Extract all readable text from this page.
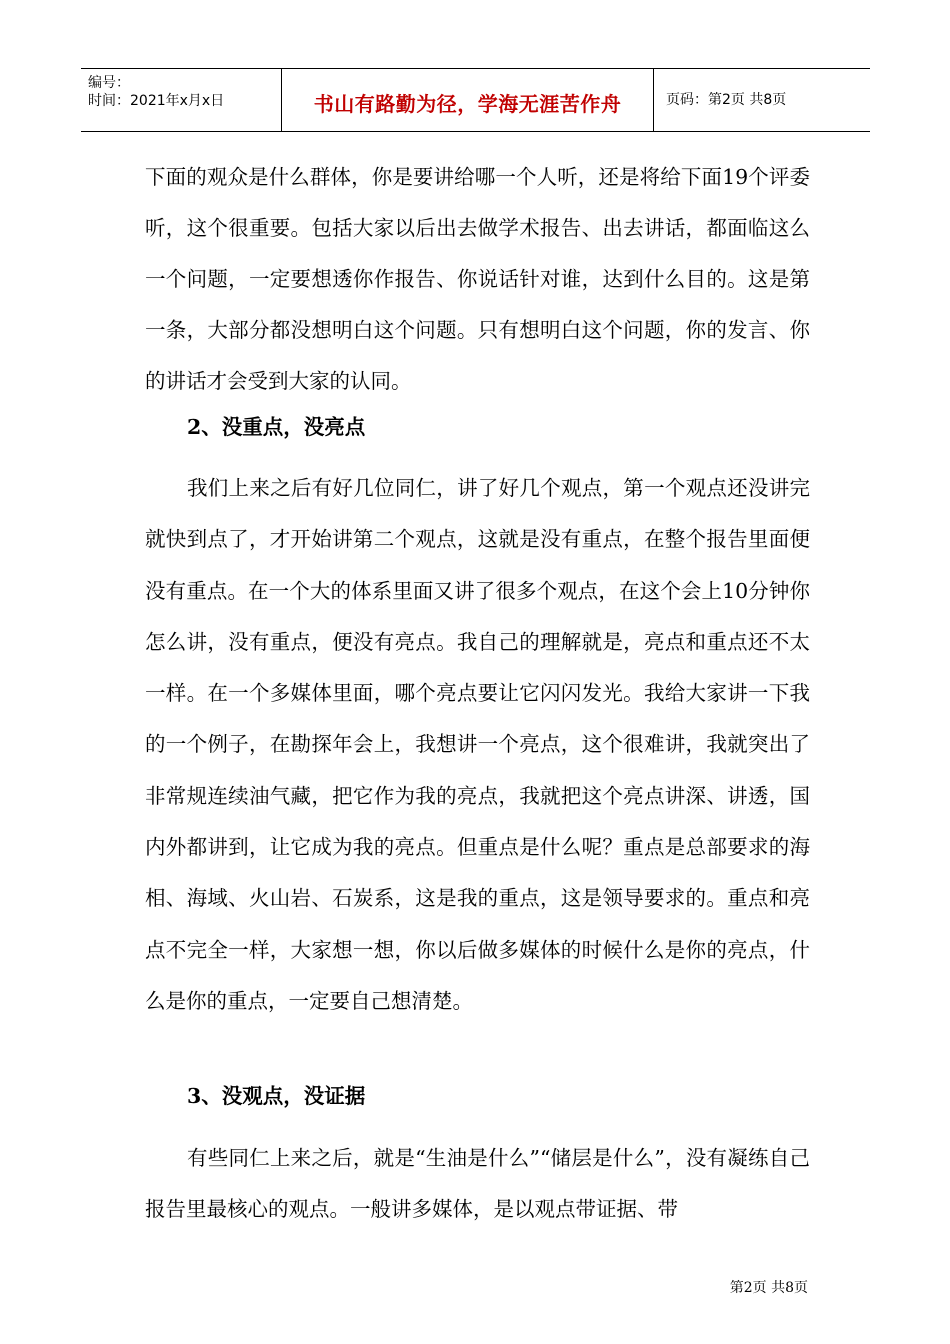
编号：
时间：2021年x月x日	书山有路勤为径，学海无涯苦作舟	页码：第2页 共8页
下面的观众是什么群体，你是要讲给哪一个人听，还是将给下面19个评委听，这个很重要。包括大家以后出去做学术报告、出去讲话，都面临这么一个问题，一定要想透你作报告、你说话针对谁，达到什么目的。这是第一条，大部分都没想明白这个问题。只有想明白这个问题，你的发言、你的讲话才会受到大家的认同。
2、没重点，没亮点
我们上来之后有好几位同仁，讲了好几个观点，第一个观点还没讲完就快到点了，才开始讲第二个观点，这就是没有重点，在整个报告里面便没有重点。在一个大的体系里面又讲了很多个观点，在这个会上10分钟你怎么讲，没有重点，便没有亮点。我自己的理解就是，亮点和重点还不太一样。在一个多媒体里面，哪个亮点要让它闪闪发光。我给大家讲一下我的一个例子，在勘探年会上，我想讲一个亮点，这个很难讲，我就突出了非常规连续油气藏，把它作为我的亮点，我就把这个亮点讲深、讲透，国内外都讲到，让它成为我的亮点。但重点是什么呢？重点是总部要求的海相、海域、火山岩、石炭系，这是我的重点，这是领导要求的。重点和亮点不完全一样，大家想一想，你以后做多媒体的时候什么是你的亮点，什么是你的重点，一定要自己想清楚。
3、没观点，没证据
有些同仁上来之后，就是“生油是什么”“储层是什么”，没有凝练自己报告里最核心的观点。一般讲多媒体，是以观点带证据、带
第2页 共8页
